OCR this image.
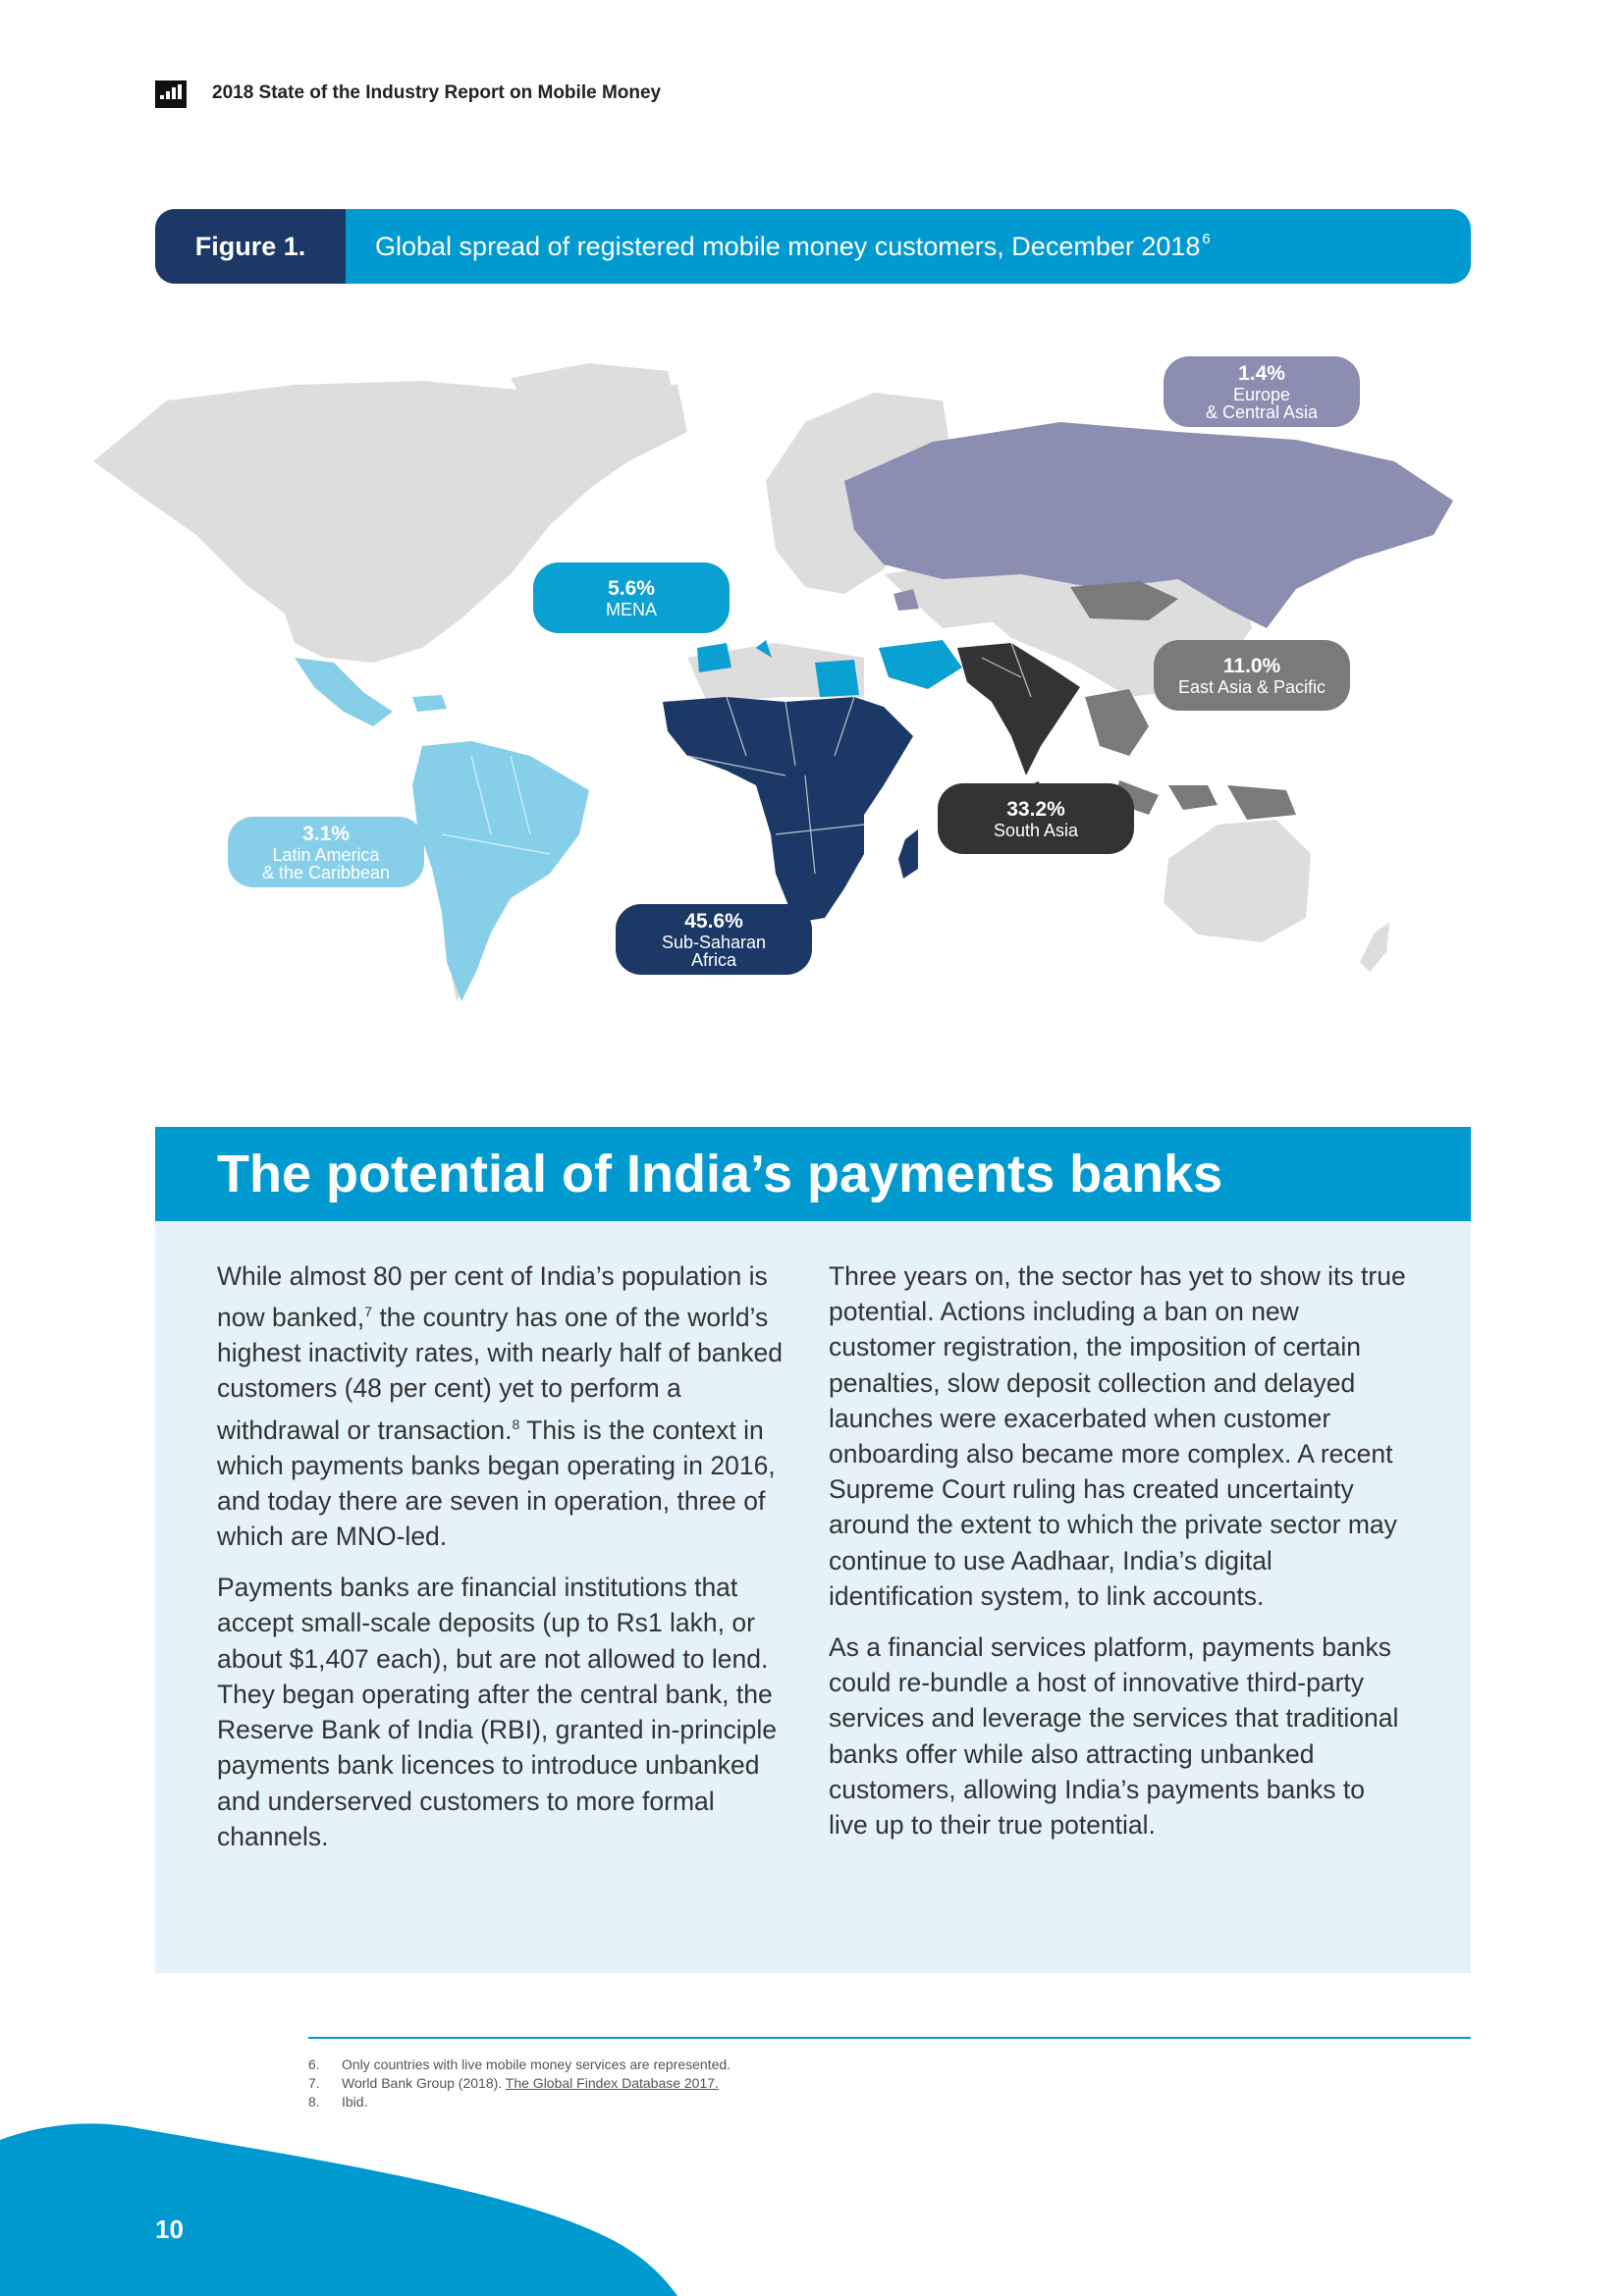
2018 State of the Industry Report on Mobile Money
Figure 1.	Global spread of registered mobile money customers, December 2018$^6$
1.4%
Europe
& Central Asia
5.6%
MENA
11.0%
East Asia & Pacific
33.2%
South Asia
3.1%
Latin America
& the Caribbean
45.6%
Sub-Saharan
Africa
The potential of India’s payments banks

While almost 80 per cent of India’s population is now banked,$^7$ the country has one of the world’s highest inactivity rates, with nearly half of banked customers (48 per cent) yet to perform a withdrawal or transaction.$^8$ This is the context in which payments banks began operating in 2016, and today there are seven in operation, three of which are MNO-led.

Payments banks are financial institutions that accept small-scale deposits (up to Rs1 lakh, or about $1,407 each), but are not allowed to lend. They began operating after the central bank, the Reserve Bank of India (RBI), granted in-principle payments bank licences to introduce unbanked and underserved customers to more formal channels.

Three years on, the sector has yet to show its true potential. Actions including a ban on new customer registration, the imposition of certain penalties, slow deposit collection and delayed launches were exacerbated when customer onboarding also became more complex. A recent Supreme Court ruling has created uncertainty around the extent to which the private sector may continue to use Aadhaar, India’s digital identification system, to link accounts.

As a financial services platform, payments banks could re-bundle a host of innovative third-party services and leverage the services that traditional banks offer while also attracting unbanked customers, allowing India’s payments banks to live up to their true potential.

6. Only countries with live mobile money services are represented.
7. World Bank Group (2018). The Global Findex Database 2017.
8. Ibid.
10
